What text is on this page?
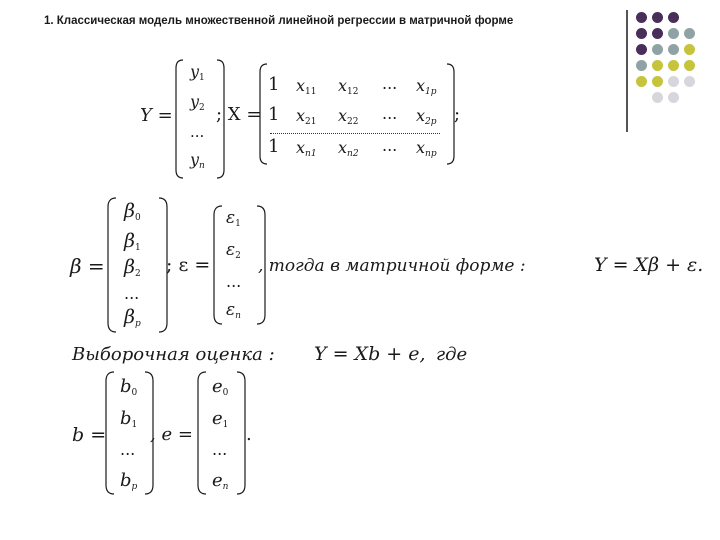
1. Классическая модель множественной линейной регрессии в матричной форме
Y =
y1
y2
...
$y_n$
; X =
1 x11 x12 ... $x_{1p}$
1 x21 x22 ... $x_{2p}$
1 $x_{n1}$ $x_{n2}$ ... $x_{np}$
;
β =
β0
β1
β2
...
$\beta_p$
; ε =
ε1
ε2
...
$\varepsilon_n$
, тогда в матричной форме :	Y = Xβ + ε.
Выборочная оценка : Y = Xb + e, где
b =
b0
b1
...
$b_p$
, e =
e0
e1
...
$e_n$
.
